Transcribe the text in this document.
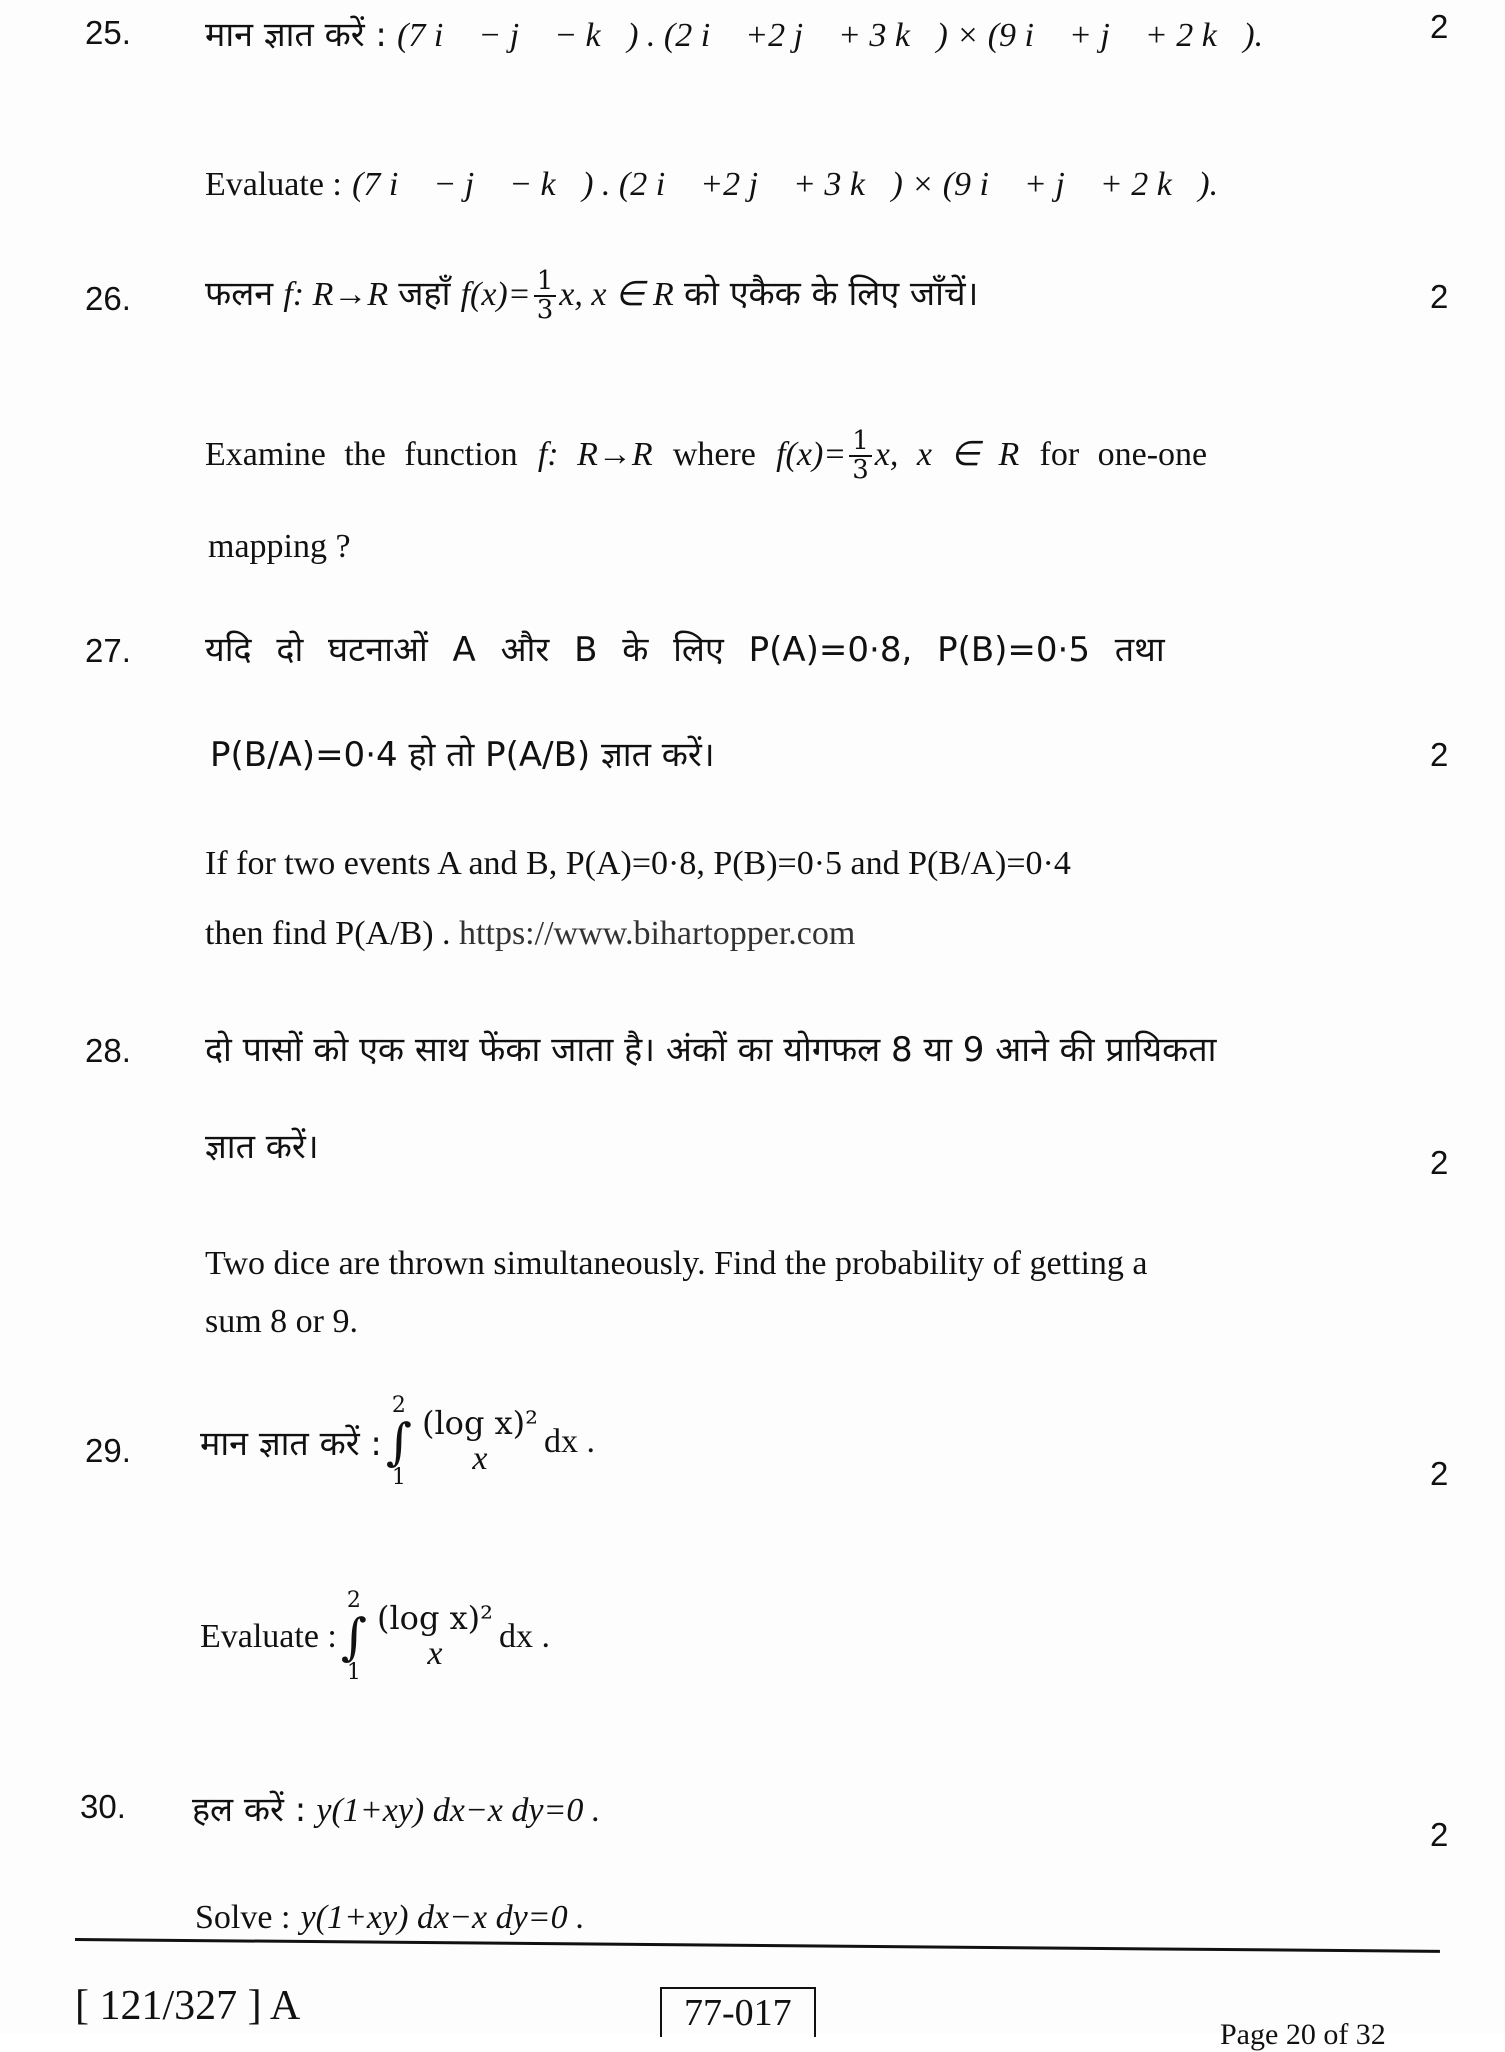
25. मान ज्ञात करें : (7 i⃗ − j⃗ − k⃗) . (2 i⃗ +2 j⃗ + 3 k⃗) × (9 i⃗ + j⃗ + 2 k⃗).	2
Evaluate : (7 i⃗ − j⃗ − k⃗) . (2 i⃗ +2 j⃗ + 3 k⃗) × (9 i⃗ + j⃗ + 2 k⃗).
26. फलन f: R→R जहाँ $f(x)= \frac{1}{3} x$, x ∈ R को एकैक के लिए जाँचें।	2
Examine the function f: R→R where $f(x)= \frac{1}{3} x$, x ∈ R for one-one
mapping ?
27. यदि दो घटनाओं A और B के लिए P(A)=0·8, P(B)=0·5 तथा
P(B/A)=0·4 हो तो P(A/B) ज्ञात करें।	2
If for two events A and B, P(A)=0·8, P(B)=0·5 and P(B/A)=0·4
then find P(A/B) . https://www.bihartopper.com
28. दो पासों को एक साथ फेंका जाता है। अंकों का योगफल 8 या 9 आने की प्रायिकता
ज्ञात करें।	2
Two dice are thrown simultaneously. Find the probability of getting a
sum 8 or 9.
29. मान ज्ञात करें :
2
∫
1
(log x)²
x dx .
2
Evaluate :
2
∫
1
(log x)²
x dx .
30. हल करें : y(1+xy) dx−x dy=0 .
2
Solve : y(1+xy) dx−x dy=0 .
[ 121/327 ] A	77-017
Page 20 of 32
